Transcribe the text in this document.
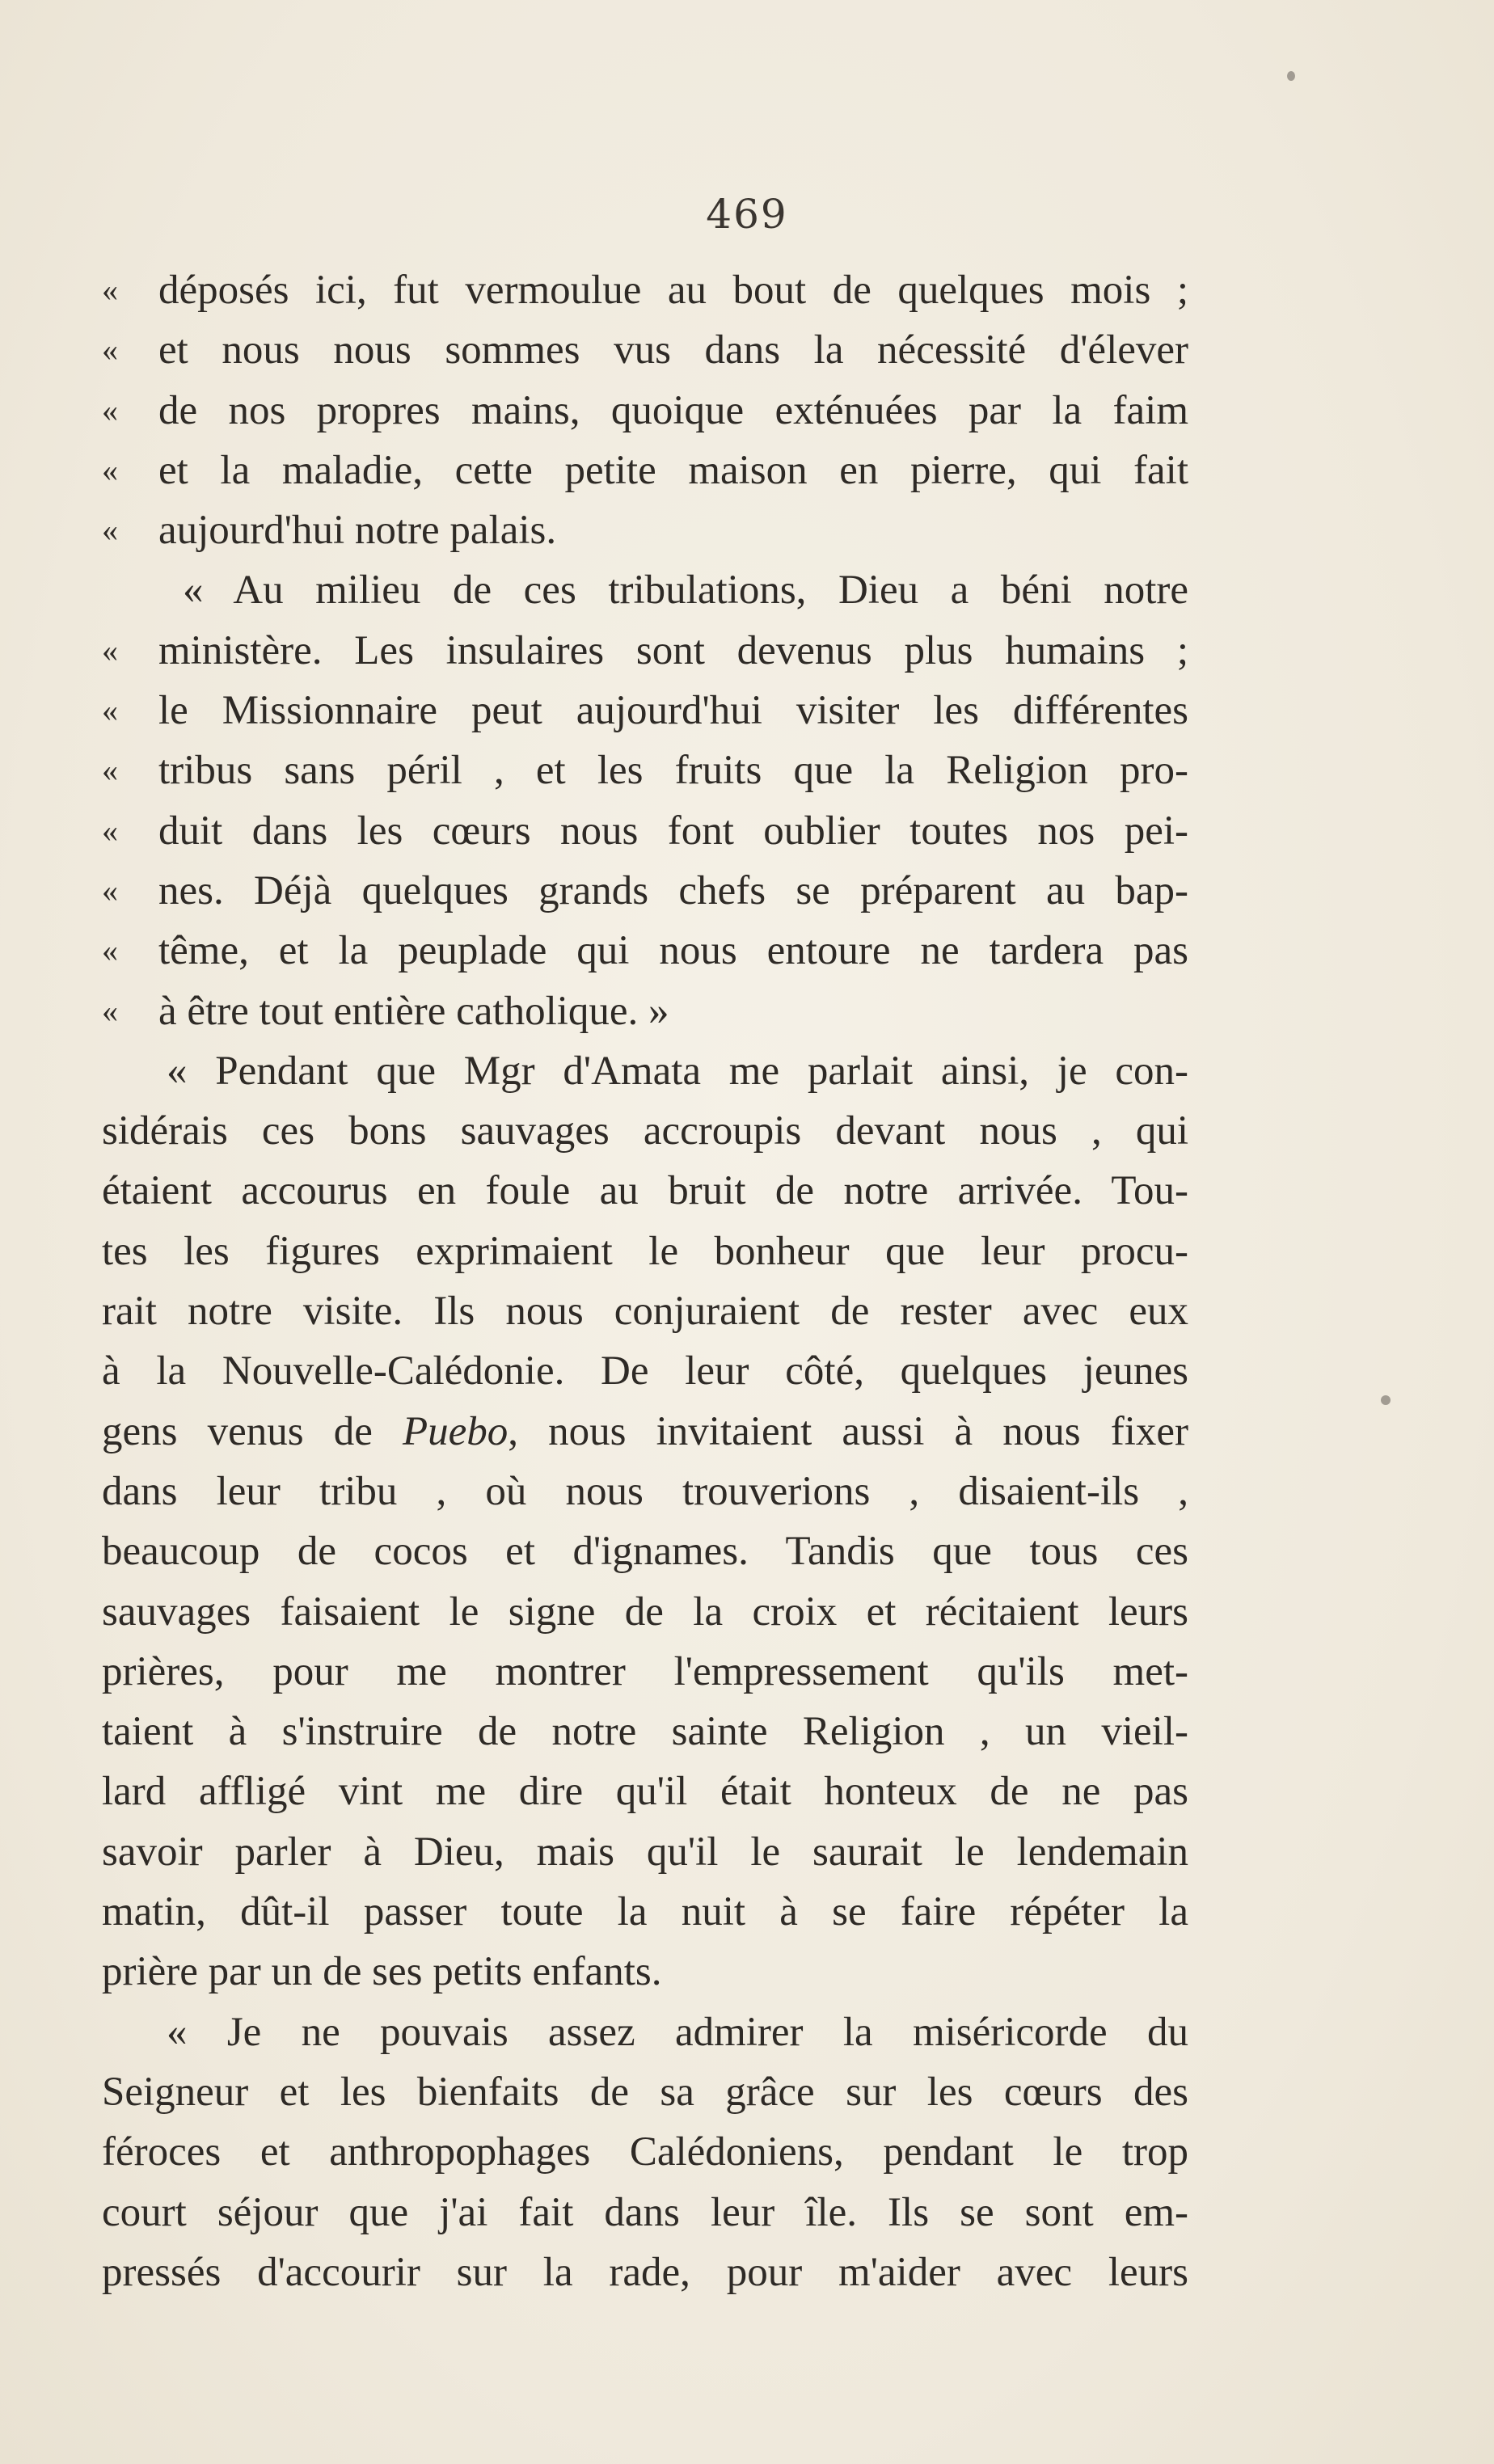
469
« déposés ici, fut vermoulue au bout de quelques mois ;
« et nous nous sommes vus dans la nécessité d'élever
« de nos propres mains, quoique exténuées par la faim
« et la maladie, cette petite maison en pierre, qui fait
« aujourd'hui notre palais.
« Au milieu de ces tribulations, Dieu a béni notre
« ministère. Les insulaires sont devenus plus humains ;
« le Missionnaire peut aujourd'hui visiter les différentes
« tribus sans péril , et les fruits que la Religion pro-
« duit dans les cœurs nous font oublier toutes nos pei-
« nes. Déjà quelques grands chefs se préparent au bap-
« tême, et la peuplade qui nous entoure ne tardera pas
« à être tout entière catholique. »
« Pendant que Mgr d'Amata me parlait ainsi, je con-
sidérais ces bons sauvages accroupis devant nous , qui
étaient accourus en foule au bruit de notre arrivée. Tou-
tes les figures exprimaient le bonheur que leur procu-
rait notre visite. Ils nous conjuraient de rester avec eux
à la Nouvelle-Calédonie. De leur côté, quelques jeunes
gens venus de Puebo, nous invitaient aussi à nous fixer
dans leur tribu , où nous trouverions , disaient-ils ,
beaucoup de cocos et d'ignames. Tandis que tous ces
sauvages faisaient le signe de la croix et récitaient leurs
prières, pour me montrer l'empressement qu'ils met-
taient à s'instruire de notre sainte Religion , un vieil-
lard affligé vint me dire qu'il était honteux de ne pas
savoir parler à Dieu, mais qu'il le saurait le lendemain
matin, dût-il passer toute la nuit à se faire répéter la
prière par un de ses petits enfants.
« Je ne pouvais assez admirer la miséricorde du
Seigneur et les bienfaits de sa grâce sur les cœurs des
féroces et anthropophages Calédoniens, pendant le trop
court séjour que j'ai fait dans leur île. Ils se sont em-
pressés d'accourir sur la rade, pour m'aider avec leurs
